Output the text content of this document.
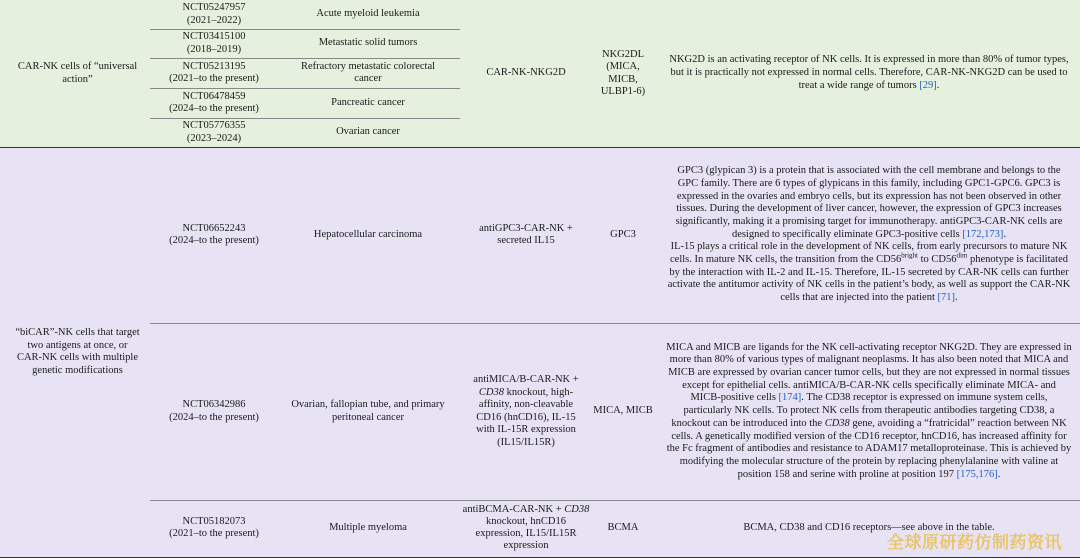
CAR-NK cells of “universal action”
NCT05247957
(2021–2022)
Acute myeloid leukemia
NCT03415100
(2018–2019)
Metastatic solid tumors
NCT05213195
(2021–to the present)
Refractory metastatic colorectal cancer
NCT06478459
(2024–to the present)
Pancreatic cancer
NCT05776355
(2023–2024)
Ovarian cancer
CAR-NK-NKG2D
NKG2DL (MICA, MICB, ULBP1-6)

NKG2D is an activating receptor of NK cells. It is expressed in more than 80% of tumor types, but it is practically not expressed in normal cells. Therefore, CAR-NK-NKG2D can be used to treat a wide range of tumors [29].

“biCAR”-NK cells that target two antigens at once, or CAR-NK cells with multiple genetic modifications
NCT06652243
(2024–to the present)
Hepatocellular carcinoma
antiGPC3-CAR-NK + secreted IL15
GPC3

GPC3 (glypican 3) is a protein that is associated with the cell membrane and belongs to the GPC family. There are 6 types of glypicans in this family, including GPC1-GPC6. GPC3 is expressed in the ovaries and embryo cells, but its expression has not been observed in other tissues. During the development of liver cancer, however, the expression of GPC3 increases significantly, making it a promising target for immunotherapy. antiGPC3-CAR-NK cells are designed to specifically eliminate GPC3-positive cells [172,173].

IL-15 plays a critical role in the development of NK cells, from early precursors to mature NK cells. In mature NK cells, the transition from the $CD56^{bright}$ to $CD56^{dim}$ phenotype is facilitated by the interaction with IL-2 and IL-15. Therefore, IL-15 secreted by CAR-NK cells can further activate the antitumor activity of NK cells in the patient’s body, as well as support the CAR-NK cells that are injected into the patient [71].

NCT06342986
(2024–to the present)
Ovarian, fallopian tube, and primary peritoneal cancer
antiMICA/B-CAR-NK + CD38 knockout, high-affinity, non-cleavable CD16 (hnCD16), IL-15 with IL-15R expression (IL15/IL15R)
MICA, MICB

MICA and MICB are ligands for the NK cell-activating receptor NKG2D. They are expressed in more than 80% of various types of malignant neoplasms. It has also been noted that MICA and MICB are expressed by ovarian cancer tumor cells, but they are not expressed in normal tissues except for epithelial cells. antiMICA/B-CAR-NK cells specifically eliminate MICA- and MICB-positive cells [174]. The CD38 receptor is expressed on immune system cells, particularly NK cells. To protect NK cells from therapeutic antibodies targeting CD38, a knockout can be introduced into the CD38 gene, avoiding a “fratricidal” reaction between NK cells. A genetically modified version of the CD16 receptor, hnCD16, has increased affinity for the Fc fragment of antibodies and resistance to ADAM17 metalloproteinase. This is achieved by modifying the molecular structure of the protein by replacing phenylalanine with valine at position 158 and serine with proline at position 197 [175,176].

NCT05182073
(2021–to the present)
Multiple myeloma
antiBCMA-CAR-NK + CD38 knockout, hnCD16 expression, IL15/IL15R expression
BCMA	BCMA, CD38 and CD16 receptors—see above in the table.
全球原研药仿制药资讯
